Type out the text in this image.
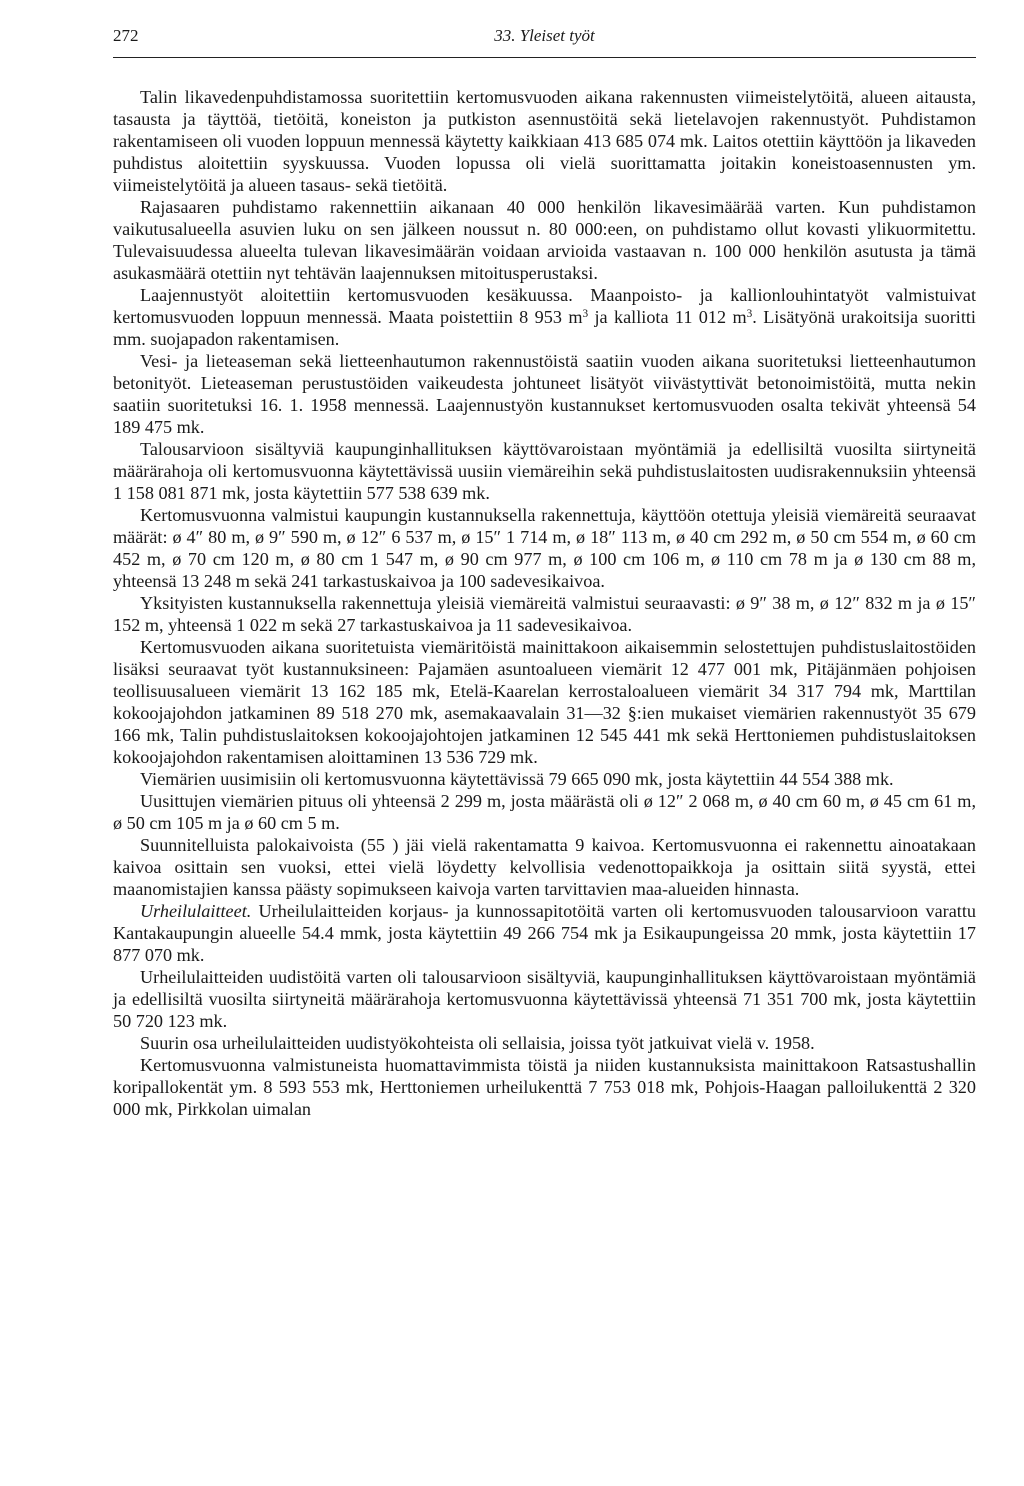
272	33. Yleiset työt

Talin likavedenpuhdistamossa suoritettiin kertomusvuoden aikana rakennusten viimeistelytöitä, alueen aitausta, tasausta ja täyttöä, tietöitä, koneiston ja putkiston asennustöitä sekä lietelavojen rakennustyöt. Puhdistamon rakentamiseen oli vuoden loppuun mennessä käytetty kaikkiaan 413 685 074 mk. Laitos otettiin käyttöön ja likaveden puhdistus aloitettiin syyskuussa. Vuoden lopussa oli vielä suorittamatta joitakin koneistoasennusten ym. viimeistelytöitä ja alueen tasaus- sekä tietöitä.

Rajasaaren puhdistamo rakennettiin aikanaan 40 000 henkilön likavesimäärää varten. Kun puhdistamon vaikutusalueella asuvien luku on sen jälkeen noussut n. 80 000:een, on puhdistamo ollut kovasti ylikuormitettu. Tulevaisuudessa alueelta tulevan likavesimäärän voidaan arvioida vastaavan n. 100 000 henkilön asutusta ja tämä asukasmäärä otettiin nyt tehtävän laajennuksen mitoitusperustaksi.

Laajennustyöt aloitettiin kertomusvuoden kesäkuussa. Maanpoisto- ja kallionlouhintatyöt valmistuivat kertomusvuoden loppuun mennessä. Maata poistettiin 8 953 $m^3$ ja kalliota 11 012 $m^3$. Lisätyönä urakoitsija suoritti mm. suojapadon rakentamisen.

Vesi- ja lieteaseman sekä lietteenhautumon rakennustöistä saatiin vuoden aikana suoritetuksi lietteenhautumon betonityöt. Lieteaseman perustustöiden vaikeudesta johtuneet lisätyöt viivästyttivät betonoimistöitä, mutta nekin saatiin suoritetuksi 16. 1. 1958 mennessä. Laajennustyön kustannukset kertomusvuoden osalta tekivät yhteensä 54 189 475 mk.

Talousarvioon sisältyviä kaupunginhallituksen käyttövaroistaan myöntämiä ja edellisiltä vuosilta siirtyneitä määrärahoja oli kertomusvuonna käytettävissä uusiin viemäreihin sekä puhdistuslaitosten uudisrakennuksiin yhteensä 1 158 081 871 mk, josta käytettiin 577 538 639 mk.

Kertomusvuonna valmistui kaupungin kustannuksella rakennettuja, käyttöön otettuja yleisiä viemäreitä seuraavat määrät: ø 4″ 80 m, ø 9″ 590 m, ø 12″ 6 537 m, ø 15″ 1 714 m, ø 18″ 113 m, ø 40 cm 292 m, ø 50 cm 554 m, ø 60 cm 452 m, ø 70 cm 120 m, ø 80 cm 1 547 m, ø 90 cm 977 m, ø 100 cm 106 m, ø 110 cm 78 m ja ø 130 cm 88 m, yhteensä 13 248 m sekä 241 tarkastuskaivoa ja 100 sadevesikaivoa.

Yksityisten kustannuksella rakennettuja yleisiä viemäreitä valmistui seuraavasti: ø 9″ 38 m, ø 12″ 832 m ja ø 15″ 152 m, yhteensä 1 022 m sekä 27 tarkastuskaivoa ja 11 sadevesikaivoa.

Kertomusvuoden aikana suoritetuista viemäritöistä mainittakoon aikaisemmin selostettujen puhdistuslaitostöiden lisäksi seuraavat työt kustannuksineen: Pajamäen asuntoalueen viemärit 12 477 001 mk, Pitäjänmäen pohjoisen teollisuusalueen viemärit 13 162 185 mk, Etelä-Kaarelan kerrostaloalueen viemärit 34 317 794 mk, Marttilan kokoojajohdon jatkaminen 89 518 270 mk, asemakaavalain 31—32 §:ien mukaiset viemärien rakennustyöt 35 679 166 mk, Talin puhdistuslaitoksen kokoojajohtojen jatkaminen 12 545 441 mk sekä Herttoniemen puhdistuslaitoksen kokoojajohdon rakentamisen aloittaminen 13 536 729 mk.

Viemärien uusimisiin oli kertomusvuonna käytettävissä 79 665 090 mk, josta käytettiin 44 554 388 mk.

Uusittujen viemärien pituus oli yhteensä 2 299 m, josta määrästä oli ø 12″ 2 068 m, ø 40 cm 60 m, ø 45 cm 61 m, ø 50 cm 105 m ja ø 60 cm 5 m.

Suunnitelluista palokaivoista (55 ) jäi vielä rakentamatta 9 kaivoa. Kertomusvuonna ei rakennettu ainoatakaan kaivoa osittain sen vuoksi, ettei vielä löydetty kelvollisia vedenottopaikkoja ja osittain siitä syystä, ettei maanomistajien kanssa päästy sopimukseen kaivoja varten tarvittavien maa-alueiden hinnasta.

Urheilulaitteet. Urheilulaitteiden korjaus- ja kunnossapitotöitä varten oli kertomusvuoden talousarvioon varattu Kantakaupungin alueelle 54.4 mmk, josta käytettiin 49 266 754 mk ja Esikaupungeissa 20 mmk, josta käytettiin 17 877 070 mk.

Urheilulaitteiden uudistöitä varten oli talousarvioon sisältyviä, kaupunginhallituksen käyttövaroistaan myöntämiä ja edellisiltä vuosilta siirtyneitä määrärahoja kertomusvuonna käytettävissä yhteensä 71 351 700 mk, josta käytettiin 50 720 123 mk.

Suurin osa urheilulaitteiden uudistyökohteista oli sellaisia, joissa työt jatkuivat vielä v. 1958.

Kertomusvuonna valmistuneista huomattavimmista töistä ja niiden kustannuksista mainittakoon Ratsastushallin koripallokentät ym. 8 593 553 mk, Herttoniemen urheilukenttä 7 753 018 mk, Pohjois-Haagan palloilukenttä 2 320 000 mk, Pirkkolan uimalan
